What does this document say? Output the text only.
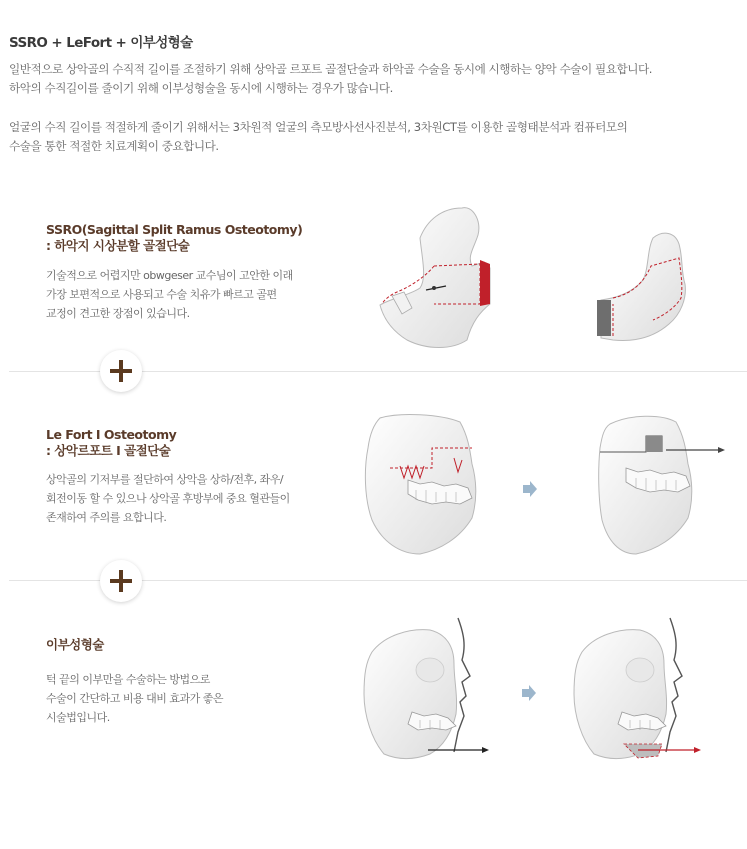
SSRO + LeFort + 이부성형술

일반적으로 상악골의 수직적 길이를 조절하기 위해 상악골 르포트 골절단술과 하악골 수술을 동시에 시행하는 양악 수술이 필요합니다.

하악의 수직길이를 줄이기 위해 이부성형술을 동시에 시행하는 경우가 많습니다.

얼굴의 수직 길이를 적절하게 줄이기 위해서는 3차원적 얼굴의 측모방사선사진분석, 3차원CT를 이용한 골형태분석과 컴퓨터모의

수술을 통한 적절한 치료계획이 중요합니다.

SSRO(Sagittal Split Ramus Osteotomy)
: 하악지 시상분할 골절단술
기술적으로 어렵지만 obwgeser 교수님이 고안한 이래
가장 보편적으로 사용되고 수술 치유가 빠르고 골편
교정이 견고한 장점이 있습니다.
Le Fort I Osteotomy
: 상악르포트 I 골절단술
상악골의 기저부를 절단하여 상악을 상하/전후, 좌우/
회전이동 할 수 있으나 상악골 후방부에 중요 혈관들이
존재하여 주의를 요합니다.
이부성형술
턱 끝의 이부만을 수술하는 방법으로
수술이 간단하고 비용 대비 효과가 좋은
시술법입니다.
